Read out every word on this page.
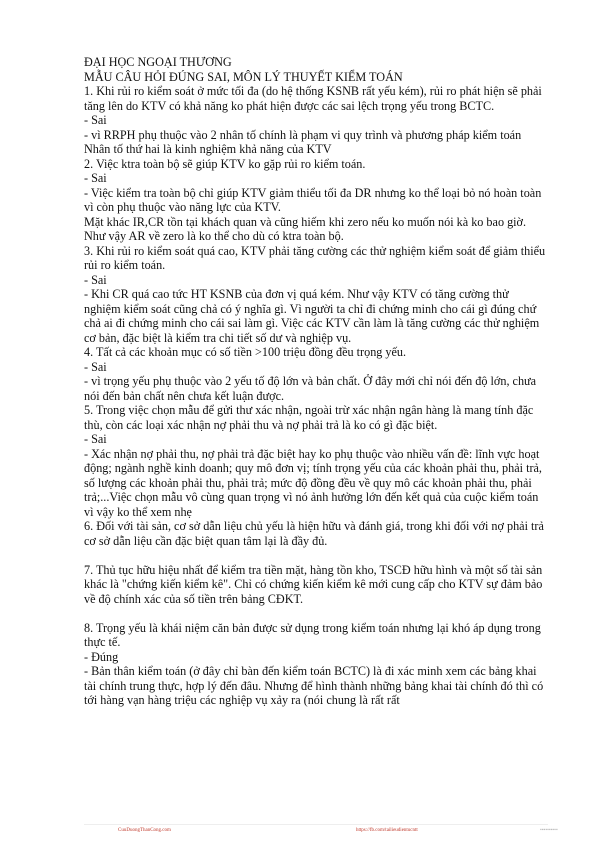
ĐẠI HỌC NGOẠI THƯƠNG

MẪU CÂU HỎI ĐÚNG SAI, MÔN LÝ THUYẾT KIỂM TOÁN

1. Khi rủi ro kiểm soát ở mức tối đa (do hệ thống KSNB rất yếu kém), rủi ro phát hiện sẽ phải tăng lên do KTV có khả năng ko phát hiện được các sai lệch trọng yếu trong BCTC.

- Sai

- vì RRPH phụ thuộc vào 2 nhân tố chính là phạm vi quy trình và phương pháp kiểm toán

Nhân tố thứ hai là kinh nghiệm khả năng của KTV

2. Việc ktra toàn bộ sẽ giúp KTV ko gặp rủi ro kiểm toán.

- Sai

- Việc kiểm tra toàn bộ chỉ giúp KTV giảm thiểu tối đa DR nhưng ko thể loại bỏ nó hoàn toàn vì còn phụ thuộc vào năng lực của KTV.

Mặt khác IR,CR tồn tại khách quan và cũng hiếm khi zero nếu ko muốn nói kà ko bao giờ.

Như vậy AR về zero là ko thể cho dù có ktra toàn bộ.

3. Khi rủi ro kiểm soát quá cao, KTV phải tăng cường các thử nghiệm kiểm soát để giảm thiểu rủi ro kiểm toán.

- Sai

- Khi CR quá cao tức HT KSNB của đơn vị quá kém. Như vậy KTV có tăng cường thử nghiệm kiểm soát cũng chả có ý nghĩa gì. Vì người ta chỉ đi chứng minh cho cái gì đúng chứ chả ai đi chứng minh cho cái sai làm gì. Việc các KTV cần làm là tăng cường các thử nghiệm cơ bản, đặc biệt là kiểm tra chi tiết số dư và nghiệp vụ.

4. Tất cả các khoản mục có số tiền >100 triệu đồng đều trọng yếu.

- Sai

- vì trọng yếu phụ thuộc vào 2 yếu tố độ lớn và bản chất. Ở đây mới chỉ nói đến độ lớn, chưa nói đến bản chất nên chưa kết luận được.

5. Trong việc chọn mẫu để gửi thư xác nhận, ngoài trừ xác nhận ngân hàng là mang tính đặc thù, còn các loại xác nhận nợ phải thu và nợ phải trả là ko có gì đặc biệt.

- Sai

- Xác nhận nợ phải thu, nợ phải trả đặc biệt hay ko phụ thuộc vào nhiều vấn đề: lĩnh vực hoạt động; ngành nghề kinh doanh; quy mô đơn vị; tính trọng yếu của các khoản phải thu, phải trả, số lượng các khoản phải thu, phải trả; mức độ đồng đều về quy mô các khoản phải thu, phải trả;...Việc chọn mẫu vô cùng quan trọng vì nó ảnh hưởng lớn đến kết quả của cuộc kiểm toán vì vậy ko thể xem nhẹ

6. Đối với tài sản, cơ sở dẫn liệu chủ yếu là hiện hữu và đánh giá, trong khi đối với nợ phải trả cơ sở dẫn liệu cần đặc biệt quan tâm lại là đầy đủ.

7. Thủ tục hữu hiệu nhất để kiểm tra tiền mặt, hàng tồn kho, TSCĐ hữu hình và một số tài sản khác là "chứng kiến kiểm kê". Chỉ có chứng kiến kiểm kê mới cung cấp cho KTV sự đảm bảo về độ chính xác của số tiền trên bảng CĐKT.

8. Trọng yếu là khái niệm căn bản được sử dụng trong kiểm toán nhưng lại khó áp dụng trong thực tế.

- Đúng

- Bản thân kiểm toán (ở đây chỉ bàn đến kiểm toán BCTC) là đi xác minh xem các bảng khai tài chính trung thực, hợp lý đến đâu. Nhưng để hình thành những bảng khai tài chính đó thì có tới hàng vạn hàng triệu các nghiệp vụ xảy ra (nói chung là rất rất

CuuDuongThanCong.com	https://fb.com/tailieudientucntt	▪▪▪▪▪▪▪▪▪▪
